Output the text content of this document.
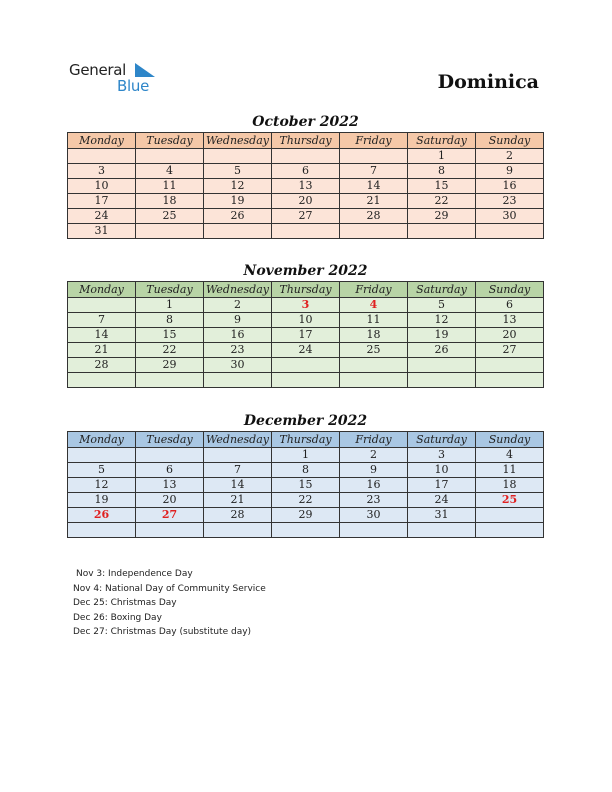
General
Blue	Dominica
October 2022
Monday	Tuesday	Wednesday	Thursday	Friday	Saturday	Sunday
					1	2
3	4	5	6	7	8	9
10	11	12	13	14	15	16
17	18	19	20	21	22	23
24	25	26	27	28	29	30
31						
November 2022
Monday	Tuesday	Wednesday	Thursday	Friday	Saturday	Sunday
	1	2	3	4	5	6
7	8	9	10	11	12	13
14	15	16	17	18	19	20
21	22	23	24	25	26	27
28	29	30				

December 2022
Monday	Tuesday	Wednesday	Thursday	Friday	Saturday	Sunday
			1	2	3	4
5	6	7	8	9	10	11
12	13	14	15	16	17	18
19	20	21	22	23	24	25
26	27	28	29	30	31	

Nov 3: Independence Day
Nov 4: National Day of Community Service
Dec 25: Christmas Day
Dec 26: Boxing Day
Dec 27: Christmas Day (substitute day)
